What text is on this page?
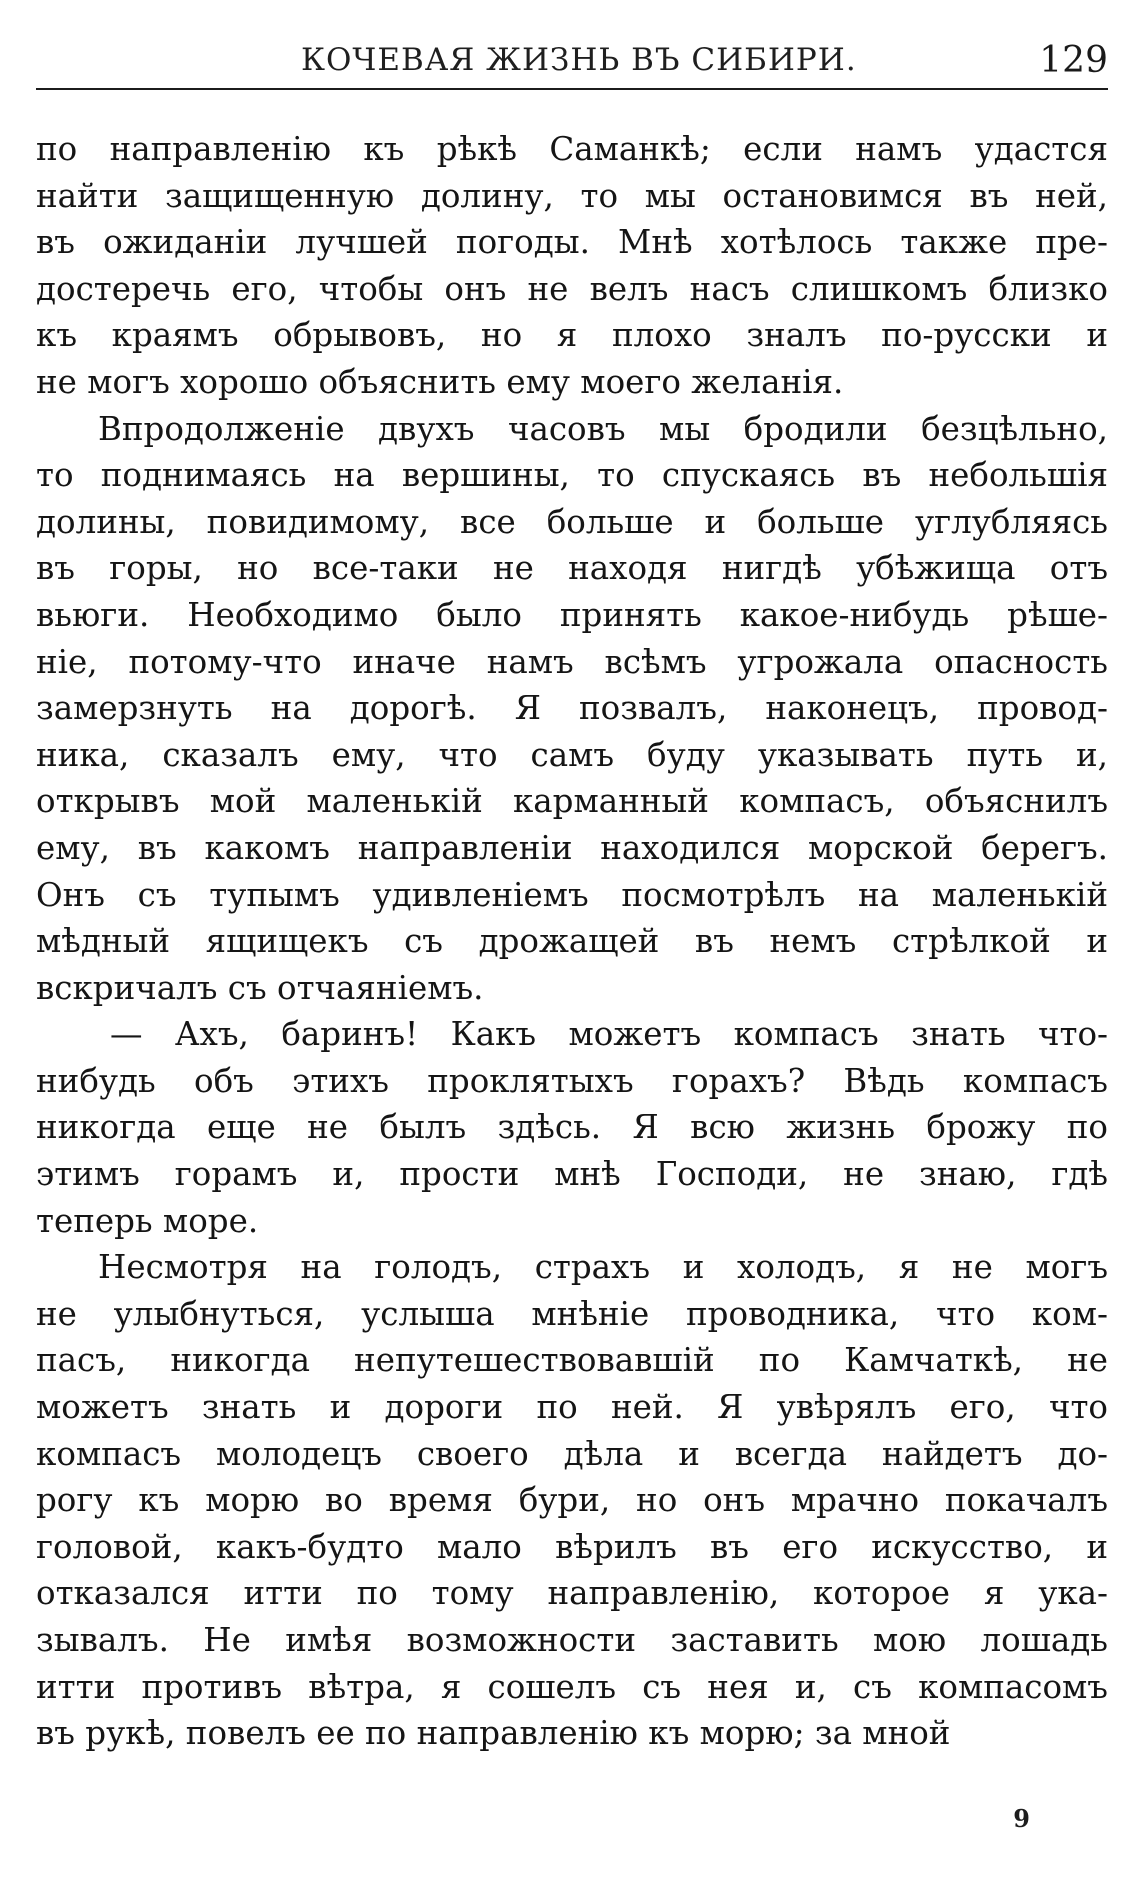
КОЧЕВАЯ ЖИЗНЬ ВЪ СИБИРИ.	129
по направленію къ рѣкѣ Саманкѣ; если намъ удастся
найти защищенную долину, то мы остановимся въ ней,
въ ожиданіи лучшей погоды. Мнѣ хотѣлось также пре-
достеречь его, чтобы онъ не велъ насъ слишкомъ близко
къ краямъ обрывовъ, но я плохо зналъ по-русски и
не могъ хорошо объяснить ему моего желанія.
Впродолженіе двухъ часовъ мы бродили безцѣльно,
то поднимаясь на вершины, то спускаясь въ небольшія
долины, повидимому, все больше и больше углубляясь
въ горы, но все-таки не находя нигдѣ убѣжища отъ
вьюги. Необходимо было принять какое-нибудь рѣше-
ніе, потому-что иначе намъ всѣмъ угрожала опасность
замерзнуть на дорогѣ. Я позвалъ, наконецъ, провод-
ника, сказалъ ему, что самъ буду указывать путь и,
открывъ мой маленькій карманный компасъ, объяснилъ
ему, въ какомъ направленіи находился морской берегъ.
Онъ съ тупымъ удивленіемъ посмотрѣлъ на маленькій
мѣдный ящищекъ съ дрожащей въ немъ стрѣлкой и
вскричалъ съ отчаяніемъ.
— Ахъ, баринъ! Какъ можетъ компасъ знать что-
нибудь объ этихъ проклятыхъ горахъ? Вѣдь компасъ
никогда еще не былъ здѣсь. Я всю жизнь брожу по
этимъ горамъ и, прости мнѣ Господи, не знаю, гдѣ
теперь море.
Несмотря на голодъ, страхъ и холодъ, я не могъ
не улыбнуться, услыша мнѣніе проводника, что ком-
пасъ, никогда непутешествовавшій по Камчаткѣ, не
можетъ знать и дороги по ней. Я увѣрялъ его, что
компасъ молодецъ своего дѣла и всегда найдетъ до-
рогу къ морю во время бури, но онъ мрачно покачалъ
головой, какъ-будто мало вѣрилъ въ его искусство, и
отказался итти по тому направленію, которое я ука-
зывалъ. Не имѣя возможности заставить мою лошадь
итти противъ вѣтра, я сошелъ съ нея и, съ компасомъ
въ рукѣ, повелъ ее по направленію къ морю; за мной
9
